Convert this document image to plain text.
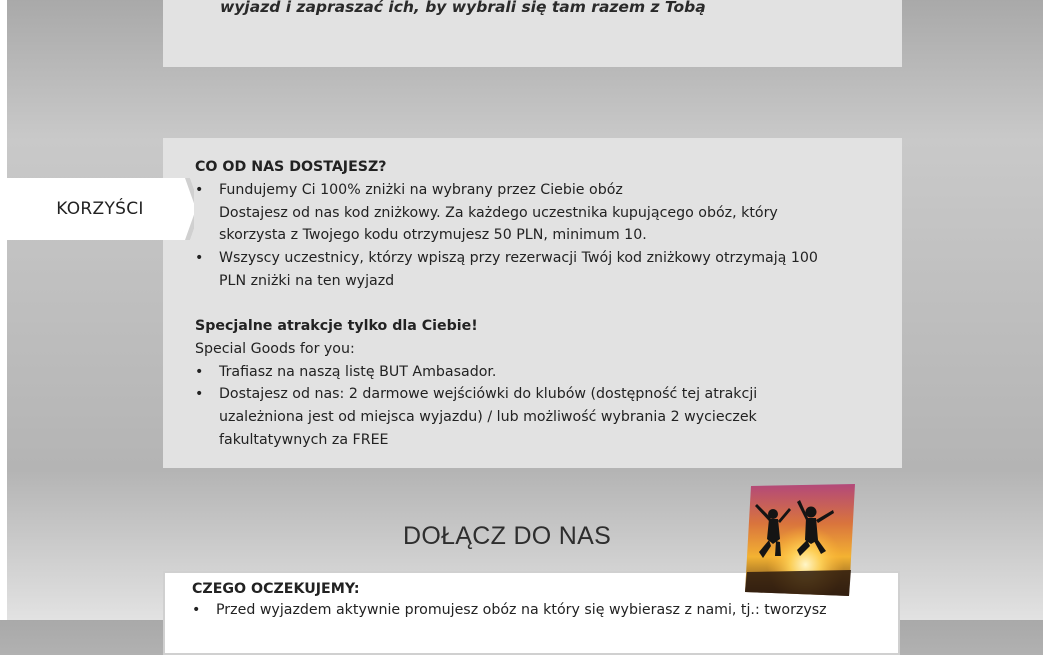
wyjazd i zapraszać ich, by wybrali się tam razem z Tobą
KORZYŚCI
CO OD NAS DOSTAJESZ?
•	Fundujemy Ci 100% zniżki na wybrany przez Ciebie obóz
Dostajesz od nas kod zniżkowy. Za każdego uczestnika kupującego obóz, który
skorzysta z Twojego kodu otrzymujesz 50 PLN, minimum 10.
•	Wszyscy uczestnicy, którzy wpiszą przy rezerwacji Twój kod zniżkowy otrzymają 100
PLN zniżki na ten wyjazd
Specjalne atrakcje tylko dla Ciebie!
Special Goods for you:
•	Trafiasz na naszą listę BUT Ambasador.
•	Dostajesz od nas: 2 darmowe wejściówki do klubów (dostępność tej atrakcji
uzależniona jest od miejsca wyjazdu) / lub możliwość wybrania 2 wycieczek
fakultatywnych za FREE
DOŁĄCZ DO NAS
CZEGO OCZEKUJEMY:
• Przed wyjazdem aktywnie promujesz obóz na który się wybierasz z nami, tj.: tworzysz
